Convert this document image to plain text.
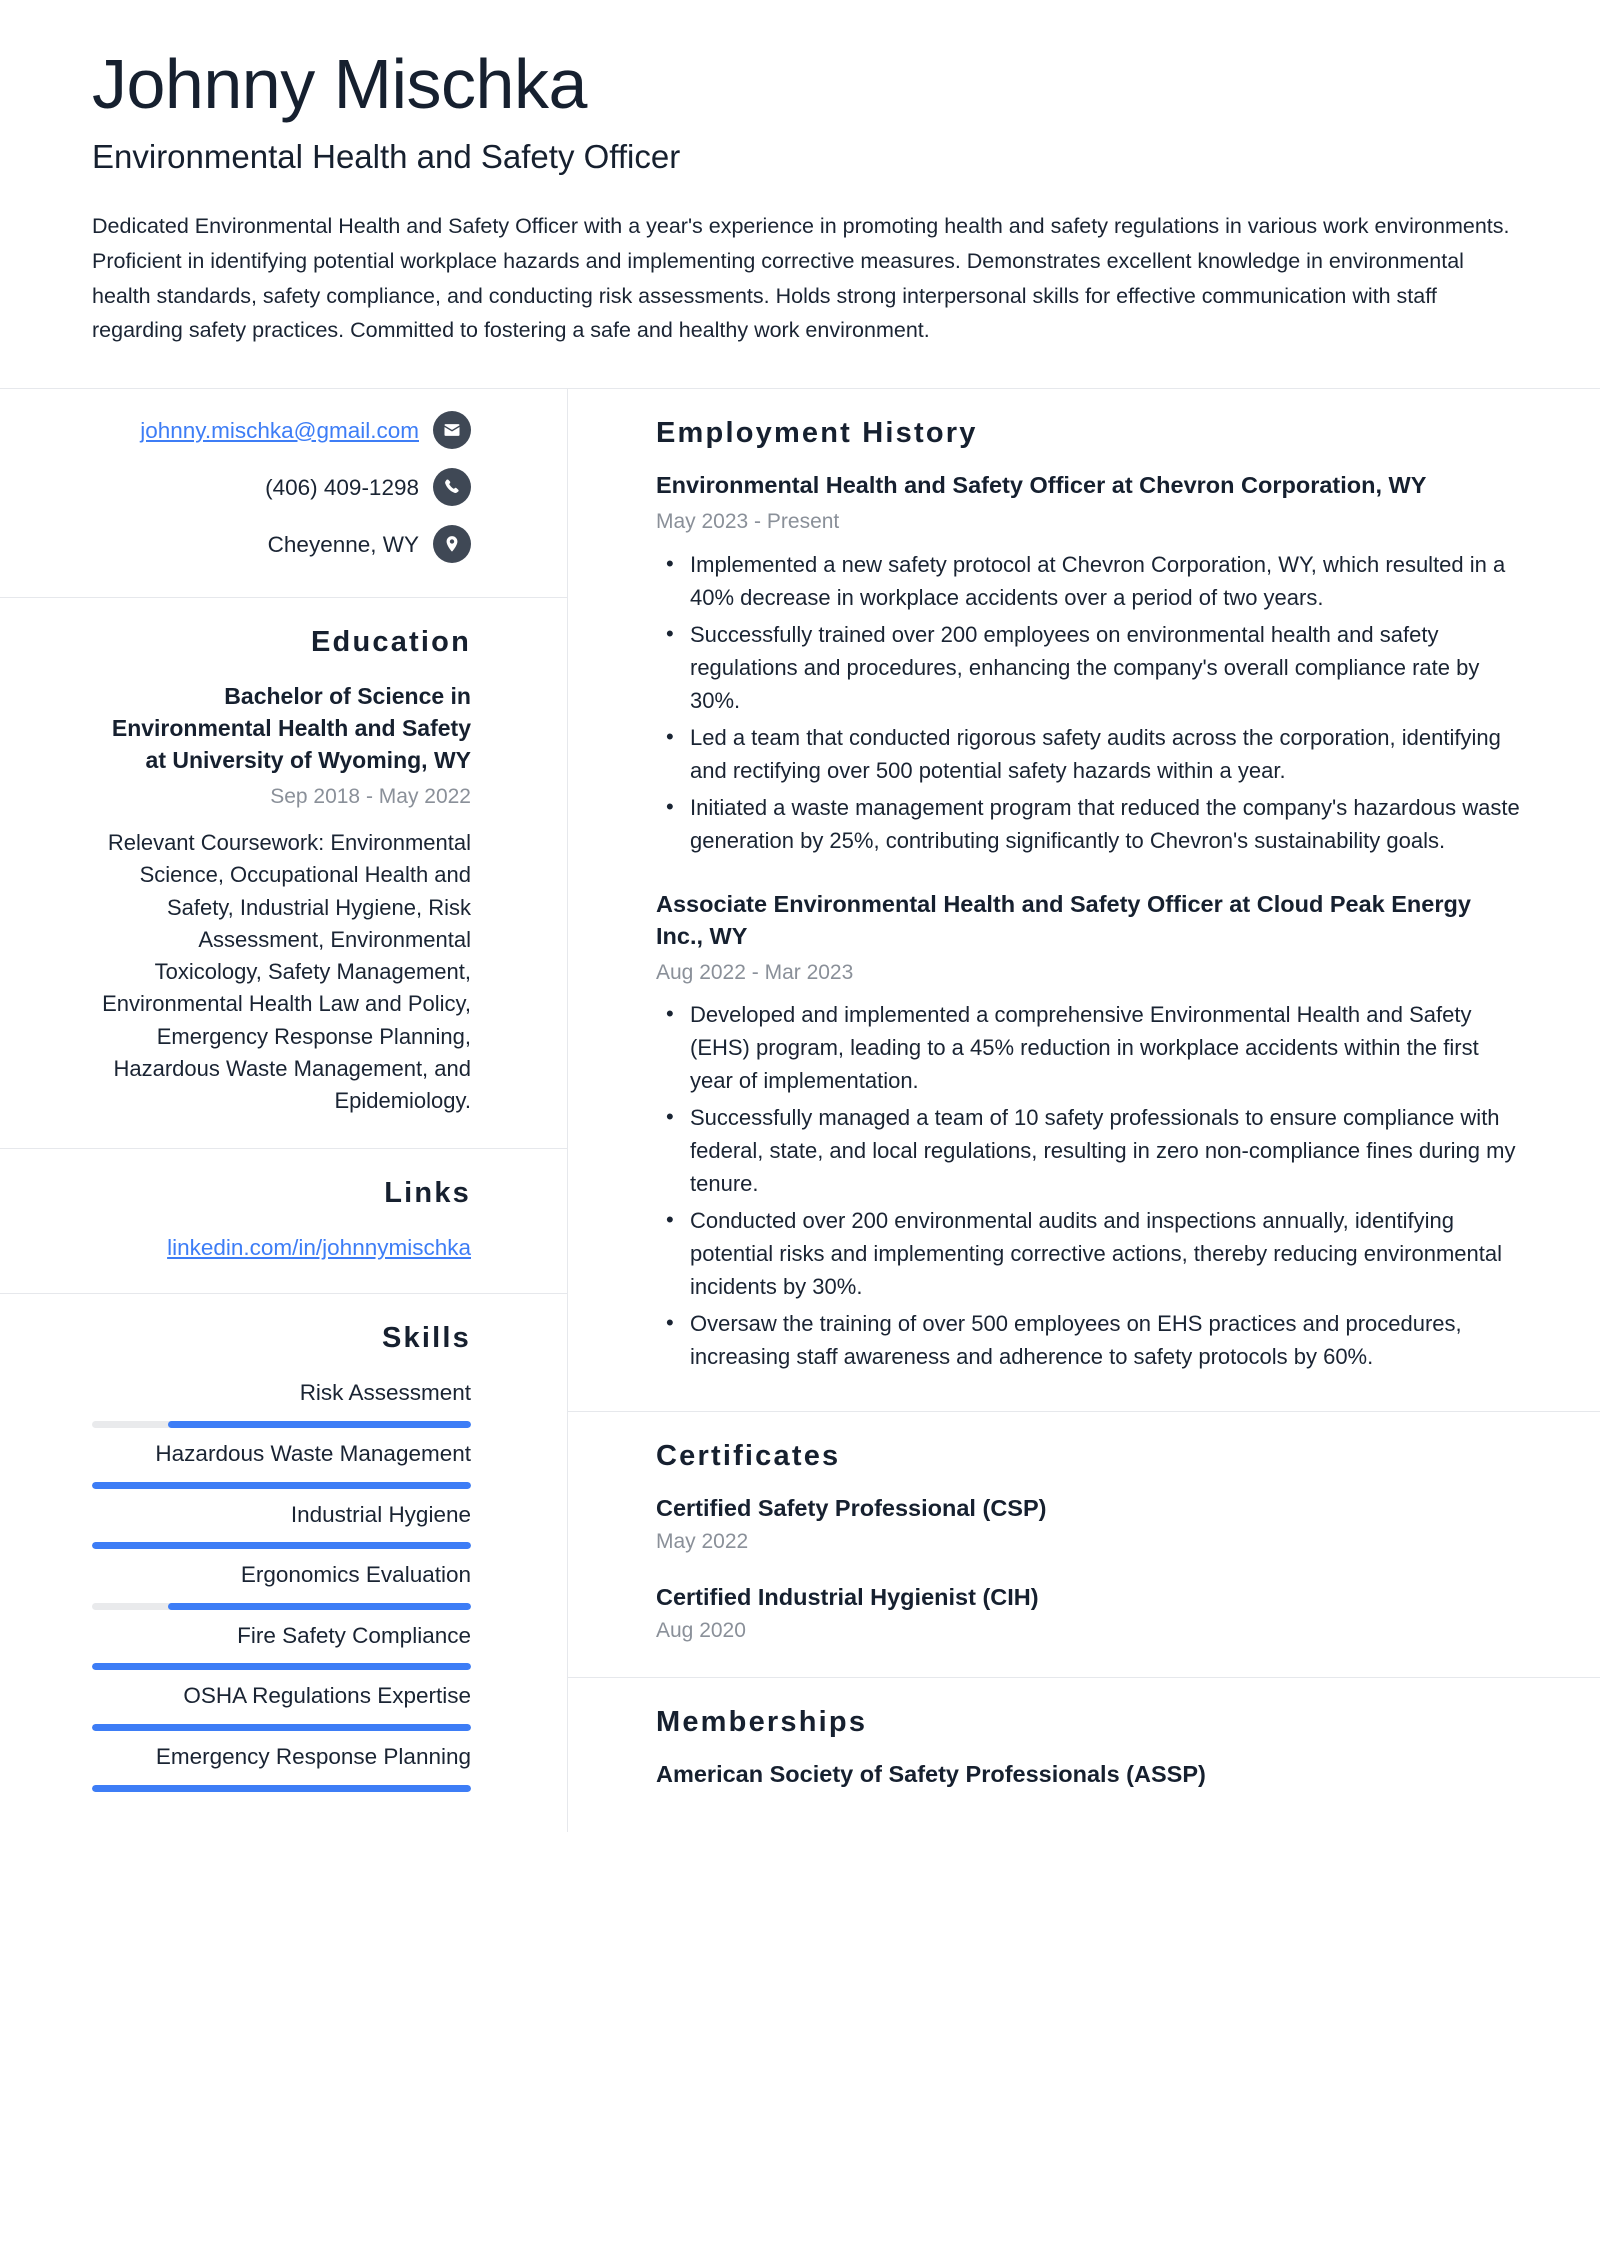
Johnny Mischka
Environmental Health and Safety Officer

Dedicated Environmental Health and Safety Officer with a year's experience in promoting health and safety regulations in various work environments. Proficient in identifying potential workplace hazards and implementing corrective measures. Demonstrates excellent knowledge in environmental health standards, safety compliance, and conducting risk assessments. Holds strong interpersonal skills for effective communication with staff regarding safety practices. Committed to fostering a safe and healthy work environment.

johnny.mischka@gmail.com
(406) 409-1298
Cheyenne, WY
Education
Bachelor of Science in Environmental Health and Safety at University of Wyoming, WY
Sep 2018 - May 2022
Relevant Coursework: Environmental Science, Occupational Health and Safety, Industrial Hygiene, Risk Assessment, Environmental Toxicology, Safety Management, Environmental Health Law and Policy, Emergency Response Planning, Hazardous Waste Management, and Epidemiology.
Links
linkedin.com/in/johnnymischka
Skills
Risk Assessment
Hazardous Waste Management
Industrial Hygiene
Ergonomics Evaluation
Fire Safety Compliance
OSHA Regulations Expertise
Emergency Response Planning
Employment History
Environmental Health and Safety Officer at Chevron Corporation, WY
May 2023 - Present
• Implemented a new safety protocol at Chevron Corporation, WY, which resulted in a 40% decrease in workplace accidents over a period of two years.
• Successfully trained over 200 employees on environmental health and safety regulations and procedures, enhancing the company's overall compliance rate by 30%.
• Led a team that conducted rigorous safety audits across the corporation, identifying and rectifying over 500 potential safety hazards within a year.
• Initiated a waste management program that reduced the company's hazardous waste generation by 25%, contributing significantly to Chevron's sustainability goals.
Associate Environmental Health and Safety Officer at Cloud Peak Energy Inc., WY
Aug 2022 - Mar 2023
• Developed and implemented a comprehensive Environmental Health and Safety (EHS) program, leading to a 45% reduction in workplace accidents within the first year of implementation.
• Successfully managed a team of 10 safety professionals to ensure compliance with federal, state, and local regulations, resulting in zero non-compliance fines during my tenure.
• Conducted over 200 environmental audits and inspections annually, identifying potential risks and implementing corrective actions, thereby reducing environmental incidents by 30%.
• Oversaw the training of over 500 employees on EHS practices and procedures, increasing staff awareness and adherence to safety protocols by 60%.
Certificates
Certified Safety Professional (CSP)
May 2022
Certified Industrial Hygienist (CIH)
Aug 2020
Memberships
American Society of Safety Professionals (ASSP)
